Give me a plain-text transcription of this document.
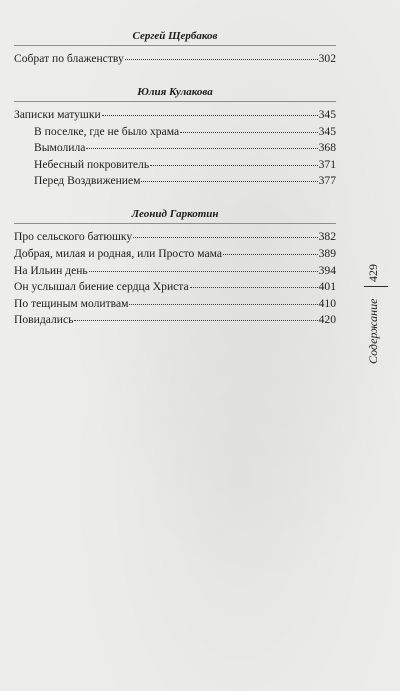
Сергей Щербаков
Собрат по блаженству	302
Юлия Кулакова
Записки матушки	345
В поселке, где не было храма	345
Вымолила	368
Небесный покровитель	371
Перед Воздвижением	377
Леонид Гаркотин
Про сельского батюшку	382
Добрая, милая и родная, или Просто мама	389
На Ильин день	394
Он услышал биение сердца Христа	401
По тещиным молитвам	410
Повидались	420
429
Содержание
